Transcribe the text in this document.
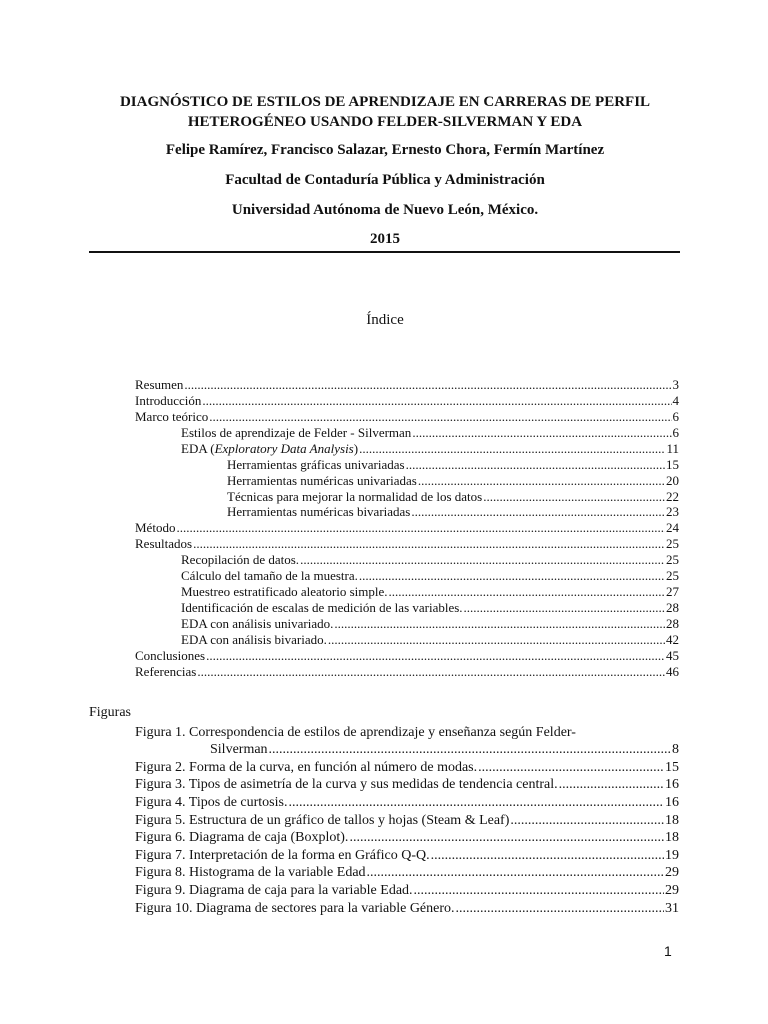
DIAGNÓSTICO DE ESTILOS DE APRENDIZAJE EN CARRERAS DE PERFIL
HETEROGÉNEO USANDO FELDER-SILVERMAN Y EDA
Felipe Ramírez, Francisco Salazar, Ernesto Chora, Fermín Martínez
Facultad de Contaduría Pública y Administración
Universidad Autónoma de Nuevo León, México.
2015
Índice
Resumen .....	3
Introducción .....	4
Marco teórico .....	6
Estilos de aprendizaje de Felder - Silverman .....	6
EDA (Exploratory Data Analysis) .....	11
Herramientas gráficas univariadas .....	15
Herramientas numéricas univariadas .....	20
Técnicas para mejorar la normalidad de los datos .....	22
Herramientas numéricas bivariadas .....	23
Método .....	24
Resultados .....	25
Recopilación de datos. .....	25
Cálculo del tamaño de la muestra. .....	25
Muestreo estratificado aleatorio simple. .....	27
Identificación de escalas de medición de las variables. .....	28
EDA con análisis univariado. .....	28
EDA con análisis bivariado. .....	42
Conclusiones .....	45
Referencias .....	46
Figuras
Figura 1. Correspondencia de estilos de aprendizaje y enseñanza según Felder-
Silverman .....	8
Figura 2. Forma de la curva, en función al número de modas. .....	15
Figura 3. Tipos de asimetría de la curva y sus medidas de tendencia central. .....	16
Figura 4. Tipos de curtosis. .....	16
Figura 5. Estructura de un gráfico de tallos y hojas (Steam & Leaf) .....	18
Figura 6. Diagrama de caja (Boxplot). .....	18
Figura 7. Interpretación de la forma en Gráfico Q-Q. .....	19
Figura 8. Histograma de la variable Edad .....	29
Figura 9. Diagrama de caja para la variable Edad. .....	29
Figura 10. Diagrama de sectores para la variable Género. .....	31
1
